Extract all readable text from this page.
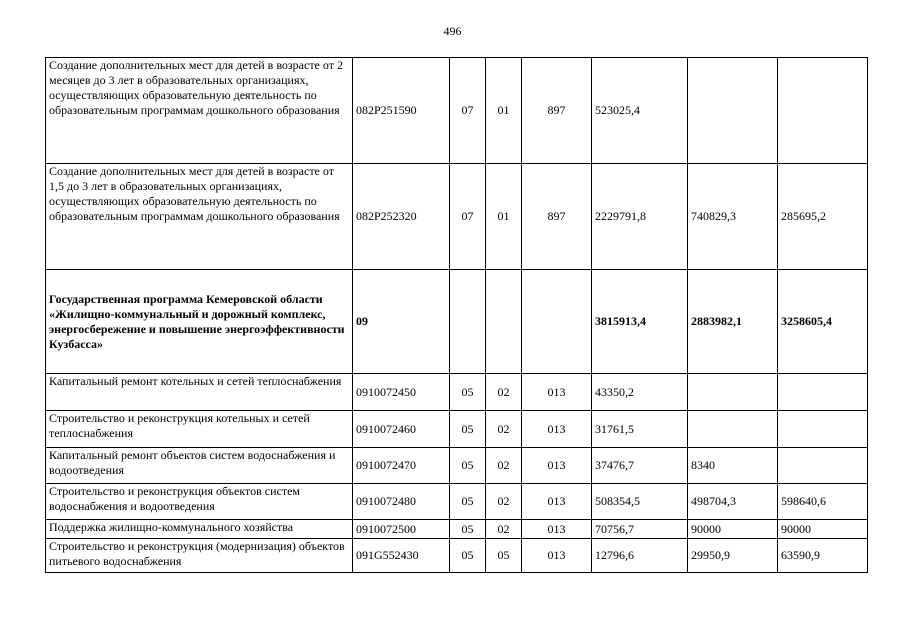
496
Создание дополнительных мест для детей в возрасте от 2 месяцев до 3 лет в образовательных организациях, осуществляющих образовательную деятельность по образовательным программам дошкольного образования	082P251590	07	01	897	523025,4		
Создание дополнительных мест для детей в возрасте от 1,5 до 3 лет в образовательных организациях, осуществляющих образовательную деятельность по образовательным программам дошкольного образования	082P252320	07	01	897	2229791,8	740829,3	285695,2
Государственная программа Кемеровской области «Жилищно-коммунальный и дорожный комплекс, энергосбережение и повышение энергоэффективности Кузбасса»	09				3815913,4	2883982,1	3258605,4
Капитальный ремонт котельных и сетей теплоснабжения	0910072450	05	02	013	43350,2		
Строительство и реконструкция котельных и сетей теплоснабжения	0910072460	05	02	013	31761,5		
Капитальный ремонт объектов систем водоснабжения и водоотведения	0910072470	05	02	013	37476,7	8340	
Строительство и реконструкция объектов систем водоснабжения и водоотведения	0910072480	05	02	013	508354,5	498704,3	598640,6
Поддержка жилищно-коммунального хозяйства	0910072500	05	02	013	70756,7	90000	90000
Строительство и реконструкция (модернизация) объектов питьевого водоснабжения	091G552430	05	05	013	12796,6	29950,9	63590,9
